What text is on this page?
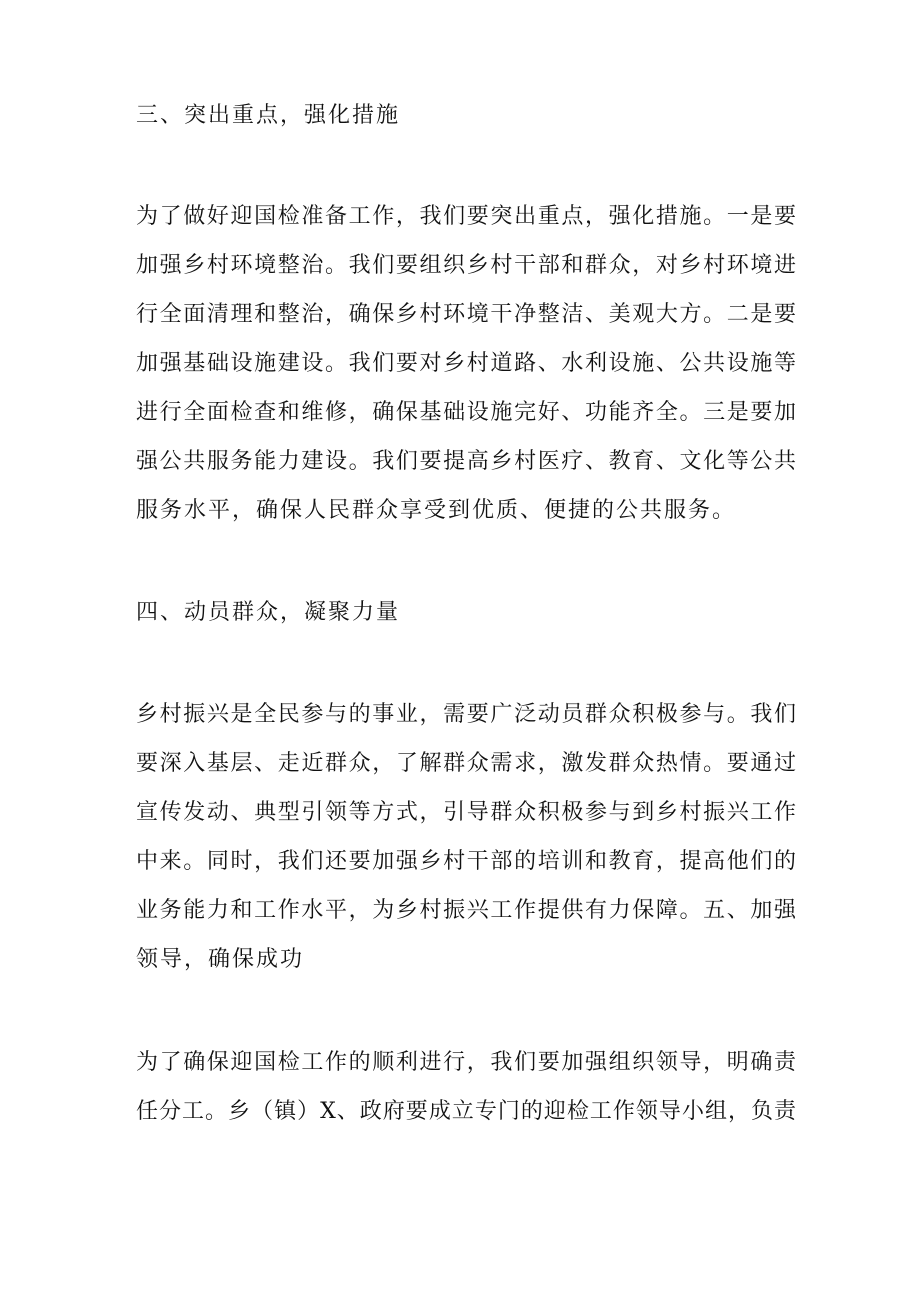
三、突出重点，强化措施
为了做好迎国检准备工作，我们要突出重点，强化措施。一是要
加强乡村环境整治。我们要组织乡村干部和群众，对乡村环境进
行全面清理和整治，确保乡村环境干净整洁、美观大方。二是要
加强基础设施建设。我们要对乡村道路、水利设施、公共设施等
进行全面检查和维修，确保基础设施完好、功能齐全。三是要加
强公共服务能力建设。我们要提高乡村医疗、教育、文化等公共
服务水平，确保人民群众享受到优质、便捷的公共服务。
四、动员群众，凝聚力量
乡村振兴是全民参与的事业，需要广泛动员群众积极参与。我们
要深入基层、走近群众，了解群众需求，激发群众热情。要通过
宣传发动、典型引领等方式，引导群众积极参与到乡村振兴工作
中来。同时，我们还要加强乡村干部的培训和教育，提高他们的
业务能力和工作水平，为乡村振兴工作提供有力保障。五、加强
领导，确保成功
为了确保迎国检工作的顺利进行，我们要加强组织领导，明确责
任分工。乡（镇）X、政府要成立专门的迎检工作领导小组，负责
